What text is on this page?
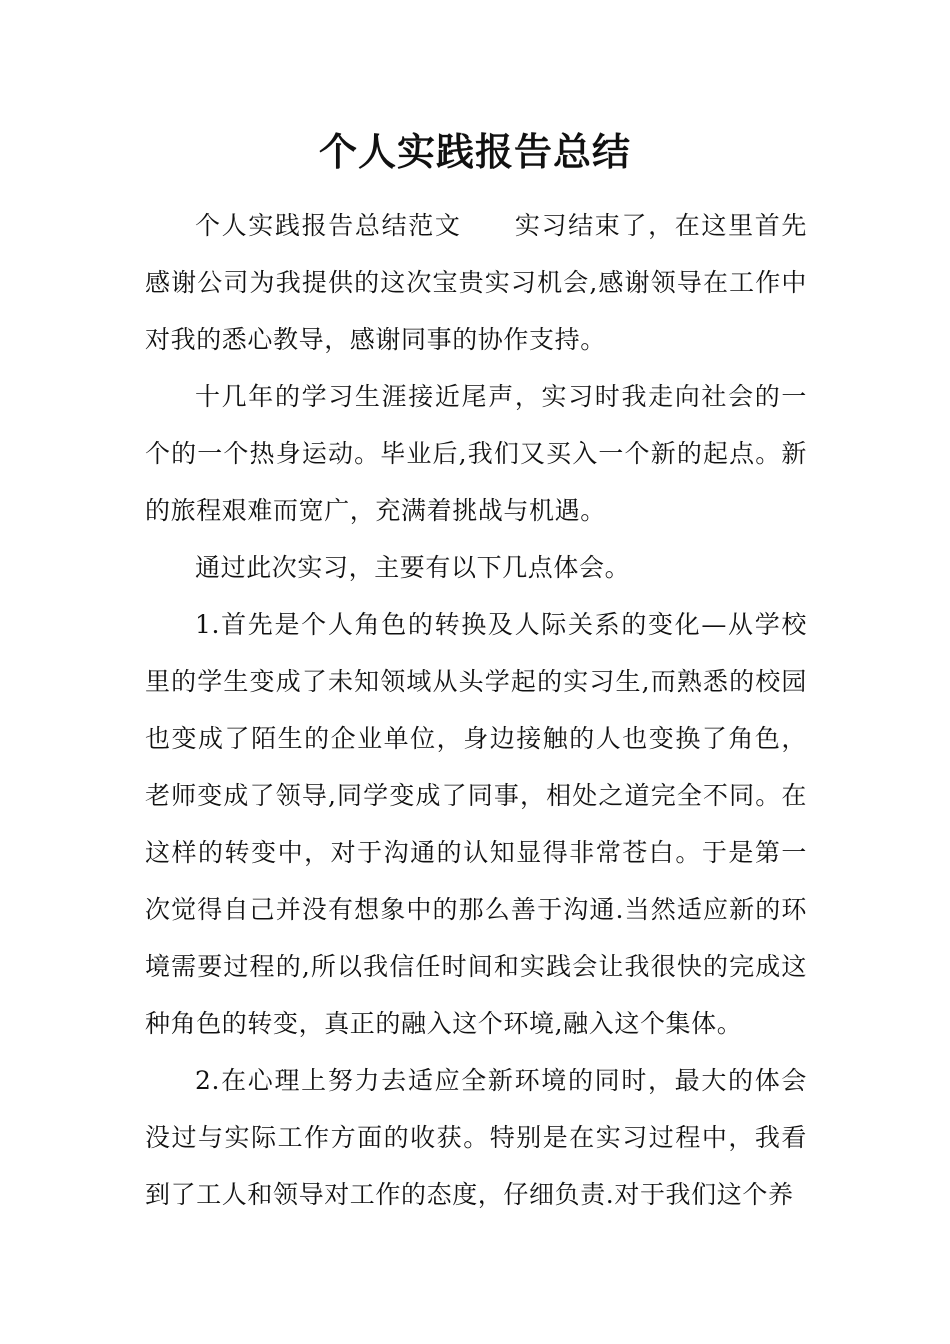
个人实践报告总结

个人实践报告总结范文　　实习结束了，在这里首先感谢公司为我提供的这次宝贵实习机会,感谢领导在工作中对我的悉心教导，感谢同事的协作支持。

十几年的学习生涯接近尾声，实习时我走向社会的一个的一个热身运动。毕业后,我们又买入一个新的起点。新的旅程艰难而宽广，充满着挑战与机遇。

通过此次实习，主要有以下几点体会。

1.首先是个人角色的转换及人际关系的变化—从学校里的学生变成了未知领域从头学起的实习生,而熟悉的校园也变成了陌生的企业单位，身边接触的人也变换了角色，老师变成了领导,同学变成了同事，相处之道完全不同。在这样的转变中，对于沟通的认知显得非常苍白。于是第一次觉得自己并没有想象中的那么善于沟通.当然适应新的环境需要过程的,所以我信任时间和实践会让我很快的完成这种角色的转变，真正的融入这个环境,融入这个集体。

2.在心理上努力去适应全新环境的同时，最大的体会没过与实际工作方面的收获。特别是在实习过程中，我看到了工人和领导对工作的态度，仔细负责.对于我们这个养
